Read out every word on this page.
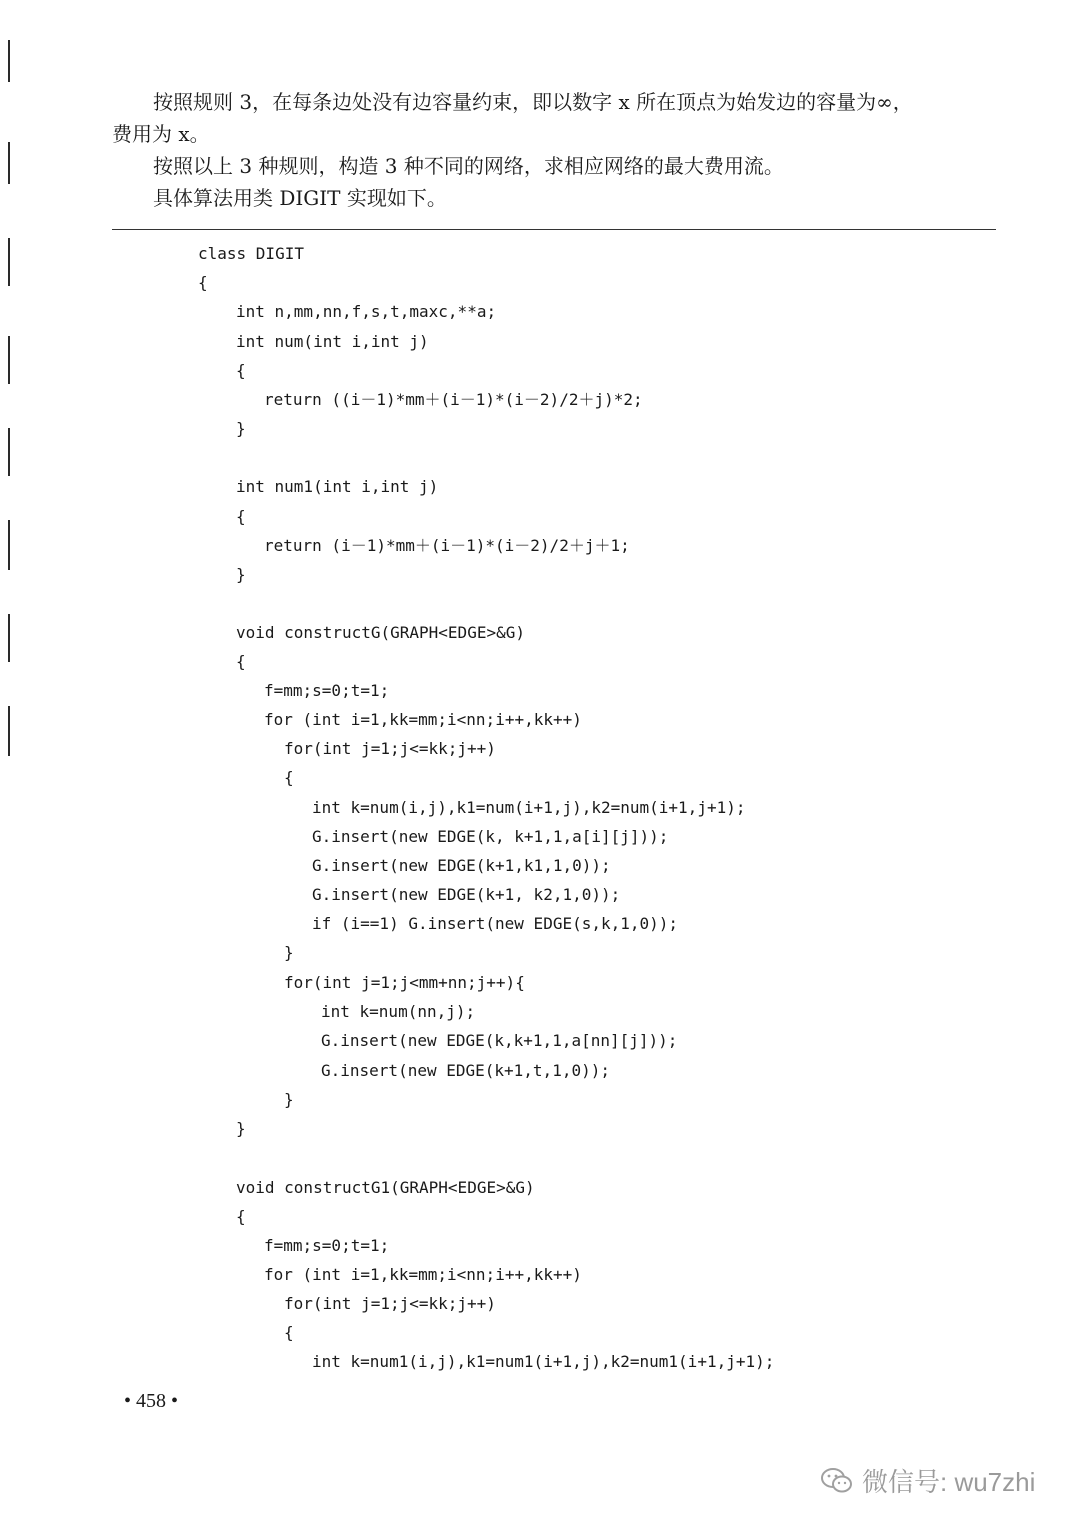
按照规则 3，在每条边处没有边容量约束，即以数字 x 所在顶点为始发边的容量为∞，
费用为 x。
按照以上 3 种规则，构造 3 种不同的网络，求相应网络的最大费用流。
具体算法用类 DIGIT 实现如下。
class DIGIT
{
int n,mm,nn,f,s,t,maxc,**a;
int num(int i,int j)
{
return ((i－1)*mm＋(i－1)*(i－2)/2＋j)*2;
}
int num1(int i,int j)
{
return (i－1)*mm＋(i－1)*(i－2)/2＋j＋1;
}
void constructG(GRAPH<EDGE>&G)
{
f=mm;s=0;t=1;
for (int i=1,kk=mm;i<nn;i++,kk++)
for(int j=1;j<=kk;j++)
{
int k=num(i,j),k1=num(i+1,j),k2=num(i+1,j+1);
G.insert(new EDGE(k, k+1,1,a[i][j]));
G.insert(new EDGE(k+1,k1,1,0));
G.insert(new EDGE(k+1, k2,1,0));
if (i==1) G.insert(new EDGE(s,k,1,0));
}
for(int j=1;j<mm+nn;j++){
int k=num(nn,j);
G.insert(new EDGE(k,k+1,1,a[nn][j]));
G.insert(new EDGE(k+1,t,1,0));
}
}
void constructG1(GRAPH<EDGE>&G)
{
f=mm;s=0;t=1;
for (int i=1,kk=mm;i<nn;i++,kk++)
for(int j=1;j<=kk;j++)
{
int k=num1(i,j),k1=num1(i+1,j),k2=num1(i+1,j+1);
• 458 •
微信号: wu7zhi
